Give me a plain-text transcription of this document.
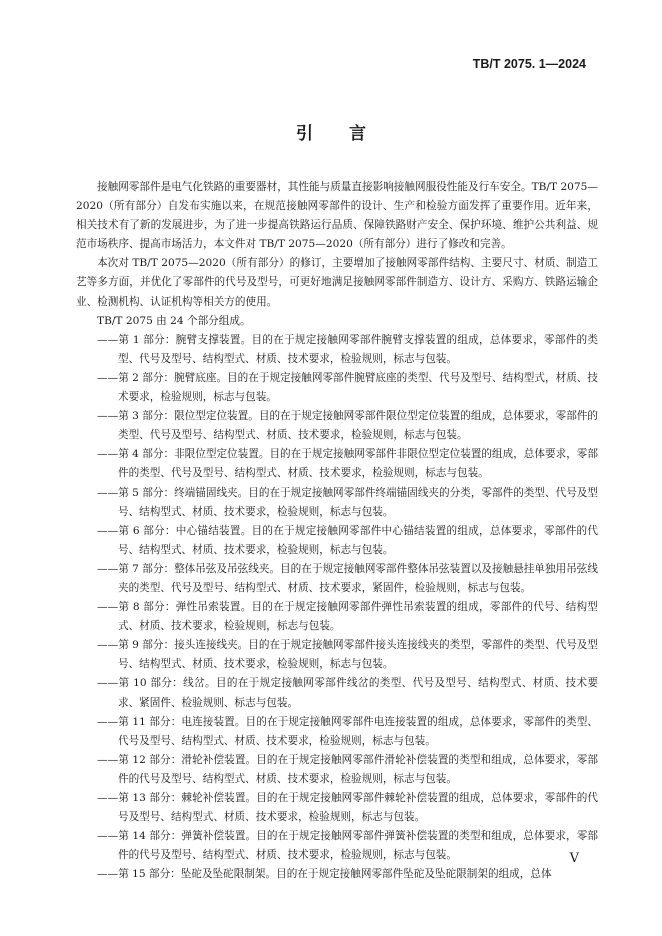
TB/T 2075. 1—2024
引言

接触网零部件是电气化铁路的重要器材，其性能与质量直接影响接触网服役性能及行车安全。TB/T 2075—2020（所有部分）自发布实施以来，在规范接触网零部件的设计、生产和检验方面发挥了重要作用。近年来，相关技术有了新的发展进步，为了进一步提高铁路运行品质、保障铁路财产安全、保护环境、维护公共利益、规范市场秩序、提高市场活力，本文件对 TB/T 2075—2020（所有部分）进行了修改和完善。

本次对 TB/T 2075—2020（所有部分）的修订，主要增加了接触网零部件结构、主要尺寸、材质、制造工艺等多方面，并优化了零部件的代号及型号，可更好地满足接触网零部件制造方、设计方、采购方、铁路运输企业、检测机构、认证机构等相关方的使用。

TB/T 2075 由 24 个部分组成。

——第 1 部分：腕臂支撑装置。目的在于规定接触网零部件腕臂支撑装置的组成，总体要求，零部件的类型、代号及型号、结构型式、材质、技术要求，检验规则，标志与包装。

——第 2 部分：腕臂底座。目的在于规定接触网零部件腕臂底座的类型、代号及型号、结构型式，材质、技术要求，检验规则，标志与包装。

——第 3 部分：限位型定位装置。目的在于规定接触网零部件限位型定位装置的组成，总体要求，零部件的类型、代号及型号、结构型式、材质、技术要求，检验规则，标志与包装。

——第 4 部分：非限位型定位装置。目的在于规定接触网零部件非限位型定位装置的组成，总体要求，零部件的类型、代号及型号、结构型式、材质、技术要求，检验规则，标志与包装。

——第 5 部分：终端锚固线夹。目的在于规定接触网零部件终端锚固线夹的分类，零部件的类型、代号及型号、结构型式、材质、技术要求，检验规则，标志与包装。

——第 6 部分：中心锚结装置。目的在于规定接触网零部件中心锚结装置的组成，总体要求，零部件的代号、结构型式、材质、技术要求，检验规则，标志与包装。

——第 7 部分：整体吊弦及吊弦线夹。目的在于规定接触网零部件整体吊弦装置以及接触悬挂单独用吊弦线夹的类型、代号及型号、结构型式、材质、技术要求，紧固件，检验规则，标志与包装。

——第 8 部分：弹性吊索装置。目的在于规定接触网零部件弹性吊索装置的组成，零部件的代号、结构型式、材质、技术要求，检验规则，标志与包装。

——第 9 部分：接头连接线夹。目的在于规定接触网零部件接头连接线夹的类型，零部件的类型、代号及型号、结构型式、材质、技术要求，检验规则，标志与包装。

——第 10 部分：线岔。目的在于规定接触网零部件线岔的类型、代号及型号、结构型式、材质、技术要求、紧固件、检验规则、标志与包装。

——第 11 部分：电连接装置。目的在于规定接触网零部件电连接装置的组成，总体要求，零部件的类型、代号及型号、结构型式、材质、技术要求，检验规则，标志与包装。

——第 12 部分：滑轮补偿装置。目的在于规定接触网零部件滑轮补偿装置的类型和组成，总体要求，零部件的代号及型号、结构型式、材质、技术要求，检验规则，标志与包装。

——第 13 部分：棘轮补偿装置。目的在于规定接触网零部件棘轮补偿装置的组成，总体要求，零部件的代号及型号、结构型式、材质、技术要求，检验规则，标志与包装。

——第 14 部分：弹簧补偿装置。目的在于规定接触网零部件弹簧补偿装置的类型和组成，总体要求，零部件的代号及型号、结构型式、材质、技术要求，检验规则，标志与包装。

——第 15 部分：坠砣及坠砣限制架。目的在于规定接触网零部件坠砣及坠砣限制架的组成，总体

V
